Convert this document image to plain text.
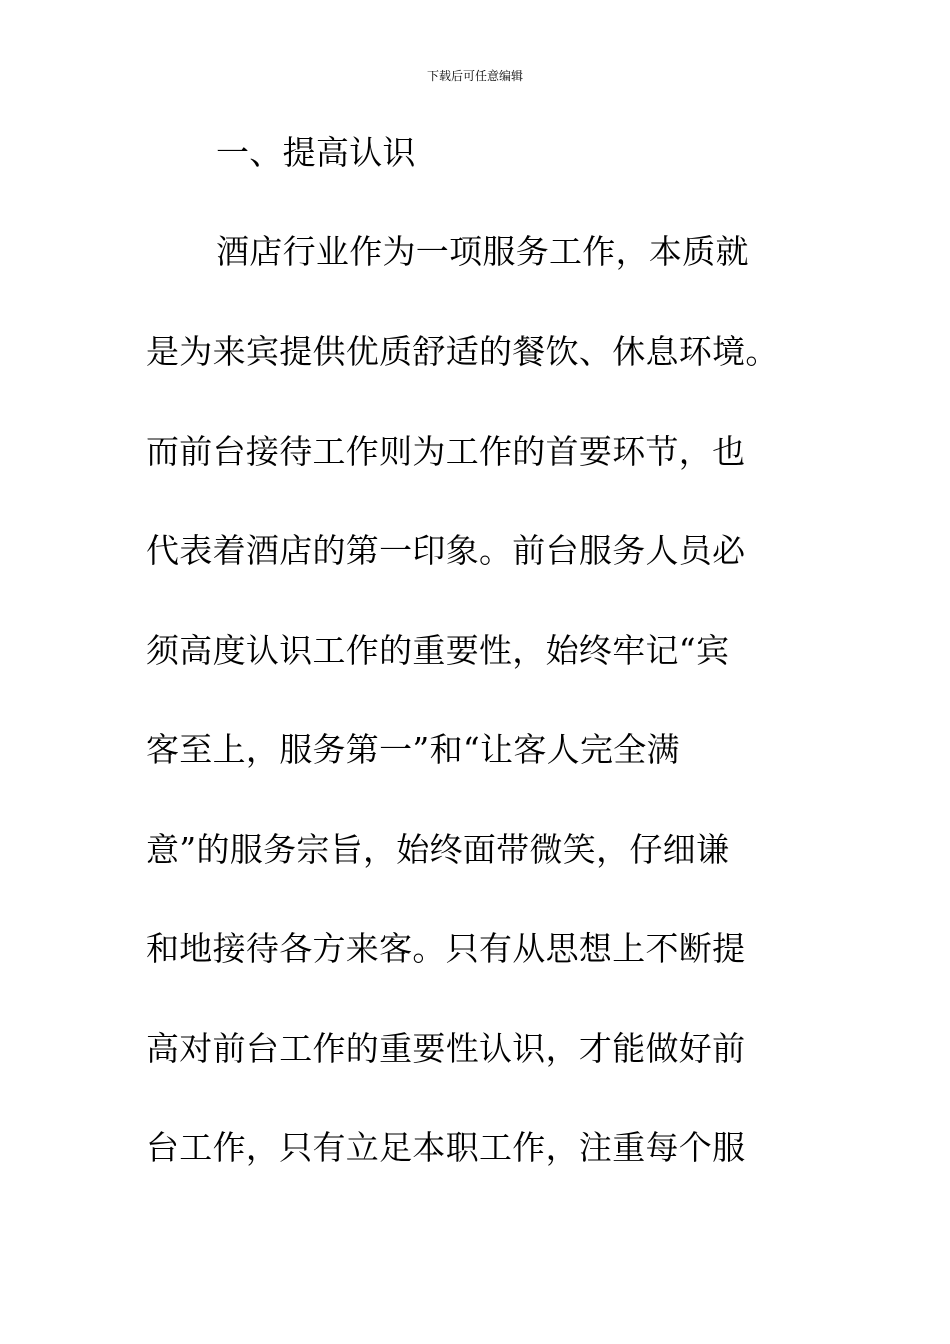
下载后可任意编辑
一、提高认识
酒店行业作为一项服务工作，本质就
是为来宾提供优质舒适的餐饮、休息环境。
而前台接待工作则为工作的首要环节，也
代表着酒店的第一印象。前台服务人员必
须高度认识工作的重要性，始终牢记“宾
客至上，服务第一”和“让客人完全满
意”的服务宗旨，始终面带微笑，仔细谦
和地接待各方来客。只有从思想上不断提
高对前台工作的重要性认识，才能做好前
台工作，只有立足本职工作，注重每个服
